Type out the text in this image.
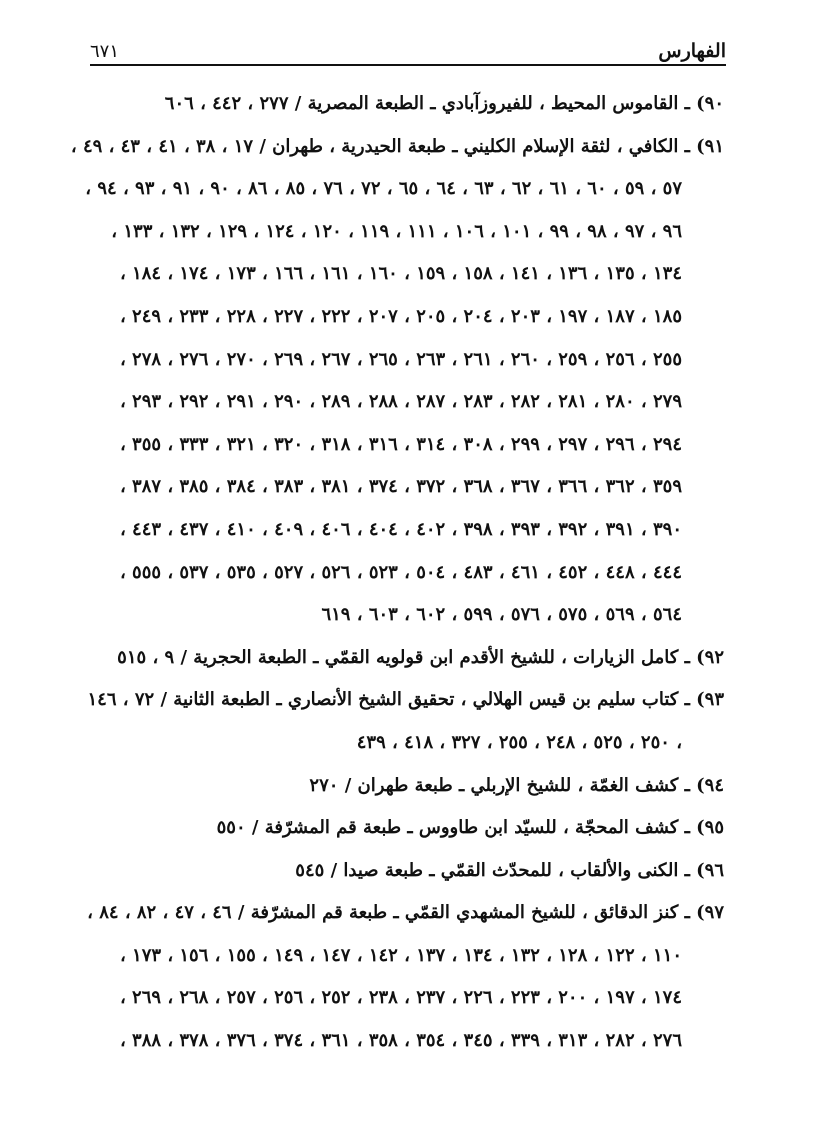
الفهارس
٦٧١
٩٠) ـ القاموس المحيط ، للفيروزآبادي ـ الطبعة المصرية / ٢٧٧ ، ٤٤٢ ، ٦٠٦
٩١) ـ الكافي ، لثقة الإسلام الكليني ـ طبعة الحيدرية ، طهران / ١٧ ، ٣٨ ، ٤١ ، ٤٣ ، ٤٩ ،
٥٧ ، ٥٩ ، ٦٠ ، ٦١ ، ٦٢ ، ٦٣ ، ٦٤ ، ٦٥ ، ٧٢ ، ٧٦ ، ٨٥ ، ٨٦ ، ٩٠ ، ٩١ ، ٩٣ ، ٩٤ ،
٩٦ ، ٩٧ ، ٩٨ ، ٩٩ ، ١٠١ ، ١٠٦ ، ١١١ ، ١١٩ ، ١٢٠ ، ١٢٤ ، ١٢٩ ، ١٣٢ ، ١٣٣ ،
١٣٤ ، ١٣٥ ، ١٣٦ ، ١٤١ ، ١٥٨ ، ١٥٩ ، ١٦٠ ، ١٦١ ، ١٦٦ ، ١٧٣ ، ١٧٤ ، ١٨٤ ،
١٨٥ ، ١٨٧ ، ١٩٧ ، ٢٠٣ ، ٢٠٤ ، ٢٠٥ ، ٢٠٧ ، ٢٢٢ ، ٢٢٧ ، ٢٢٨ ، ٢٣٣ ، ٢٤٩ ،
٢٥٥ ، ٢٥٦ ، ٢٥٩ ، ٢٦٠ ، ٢٦١ ، ٢٦٣ ، ٢٦٥ ، ٢٦٧ ، ٢٦٩ ، ٢٧٠ ، ٢٧٦ ، ٢٧٨ ،
٢٧٩ ، ٢٨٠ ، ٢٨١ ، ٢٨٢ ، ٢٨٣ ، ٢٨٧ ، ٢٨٨ ، ٢٨٩ ، ٢٩٠ ، ٢٩١ ، ٢٩٢ ، ٢٩٣ ،
٢٩٤ ، ٢٩٦ ، ٢٩٧ ، ٢٩٩ ، ٣٠٨ ، ٣١٤ ، ٣١٦ ، ٣١٨ ، ٣٢٠ ، ٣٢١ ، ٣٣٣ ، ٣٥٥ ،
٣٥٩ ، ٣٦٢ ، ٣٦٦ ، ٣٦٧ ، ٣٦٨ ، ٣٧٢ ، ٣٧٤ ، ٣٨١ ، ٣٨٣ ، ٣٨٤ ، ٣٨٥ ، ٣٨٧ ،
٣٩٠ ، ٣٩١ ، ٣٩٢ ، ٣٩٣ ، ٣٩٨ ، ٤٠٢ ، ٤٠٤ ، ٤٠٦ ، ٤٠٩ ، ٤١٠ ، ٤٣٧ ، ٤٤٣ ،
٤٤٤ ، ٤٤٨ ، ٤٥٢ ، ٤٦١ ، ٤٨٣ ، ٥٠٤ ، ٥٢٣ ، ٥٢٦ ، ٥٢٧ ، ٥٣٥ ، ٥٣٧ ، ٥٥٥ ،
٥٦٤ ، ٥٦٩ ، ٥٧٥ ، ٥٧٦ ، ٥٩٩ ، ٦٠٢ ، ٦٠٣ ، ٦١٩
٩٢) ـ كامل الزيارات ، للشيخ الأقدم ابن قولويه القمّي ـ الطبعة الحجرية / ٩ ، ٥١٥
٩٣) ـ كتاب سليم بن قيس الهلالي ، تحقيق الشيخ الأنصاري ـ الطبعة الثانية / ٧٢ ، ١٤٦
، ٢٥٠ ، ٥٢٥ ، ٢٤٨ ، ٢٥٥ ، ٣٢٧ ، ٤١٨ ، ٤٣٩
٩٤) ـ كشف الغمّة ، للشيخ الإربلي ـ طبعة طهران / ٢٧٠
٩٥) ـ كشف المحجّة ، للسيّد ابن طاووس ـ طبعة قم المشرّفة / ٥٥٠
٩٦) ـ الكنى والألقاب ، للمحدّث القمّي ـ طبعة صيدا / ٥٤٥
٩٧) ـ كنز الدقائق ، للشيخ المشهدي القمّي ـ طبعة قم المشرّفة / ٤٦ ، ٤٧ ، ٨٢ ، ٨٤ ،
١١٠ ، ١٢٢ ، ١٢٨ ، ١٣٢ ، ١٣٤ ، ١٣٧ ، ١٤٢ ، ١٤٧ ، ١٤٩ ، ١٥٥ ، ١٥٦ ، ١٧٣ ،
١٧٤ ، ١٩٧ ، ٢٠٠ ، ٢٢٣ ، ٢٢٦ ، ٢٣٧ ، ٢٣٨ ، ٢٥٢ ، ٢٥٦ ، ٢٥٧ ، ٢٦٨ ، ٢٦٩ ،
٢٧٦ ، ٢٨٢ ، ٣١٣ ، ٣٣٩ ، ٣٤٥ ، ٣٥٤ ، ٣٥٨ ، ٣٦١ ، ٣٧٤ ، ٣٧٦ ، ٣٧٨ ، ٣٨٨ ،
